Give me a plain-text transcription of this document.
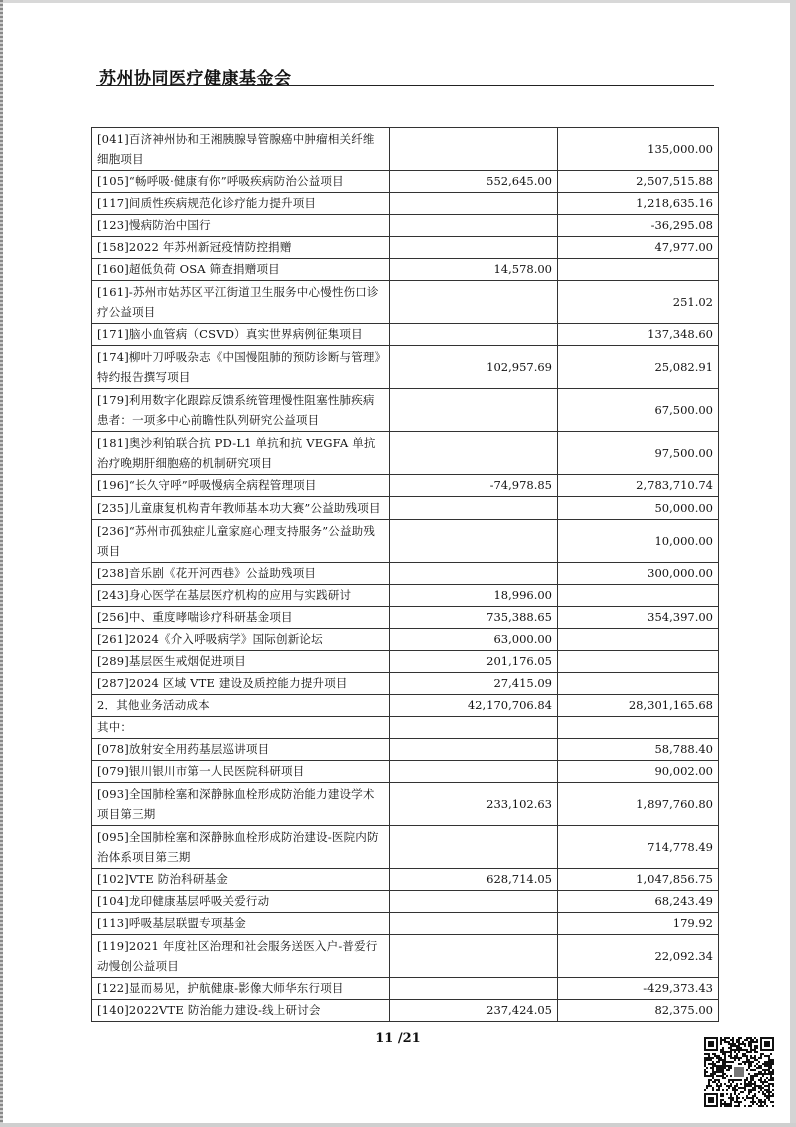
苏州协同医疗健康基金会
[041]百济神州协和王湘胰腺导管腺癌中肿瘤相关纤维细胞项目		135,000.00
[105]“畅呼吸·健康有你”呼吸疾病防治公益项目	552,645.00	2,507,515.88
[117]间质性疾病规范化诊疗能力提升项目		1,218,635.16
[123]慢病防治中国行		-36,295.08
[158]2022 年苏州新冠疫情防控捐赠		47,977.00
[160]超低负荷 OSA 筛查捐赠项目	14,578.00	
[161]-苏州市姑苏区平江街道卫生服务中心慢性伤口诊疗公益项目		251.02
[171]脑小血管病（CSVD）真实世界病例征集项目		137,348.60
[174]柳叶刀呼吸杂志《中国慢阻肺的预防诊断与管理》特约报告撰写项目	102,957.69	25,082.91
[179]利用数字化跟踪反馈系统管理慢性阻塞性肺疾病患者：一项多中心前瞻性队列研究公益项目		67,500.00
[181]奥沙利铂联合抗 PD-L1 单抗和抗 VEGFA 单抗治疗晚期肝细胞癌的机制研究项目		97,500.00
[196]“长久守呼”呼吸慢病全病程管理项目	-74,978.85	2,783,710.74
[235]儿童康复机构青年教师基本功大赛”公益助残项目		50,000.00
[236]“苏州市孤独症儿童家庭心理支持服务”公益助残项目		10,000.00
[238]音乐剧《花开河西巷》公益助残项目		300,000.00
[243]身心医学在基层医疗机构的应用与实践研讨	18,996.00	
[256]中、重度哮喘诊疗科研基金项目	735,388.65	354,397.00
[261]2024《介入呼吸病学》国际创新论坛	63,000.00	
[289]基层医生戒烟促进项目	201,176.05	
[287]2024 区域 VTE 建设及质控能力提升项目	27,415.09	
2．其他业务活动成本	42,170,706.84	28,301,165.68
其中：		
[078]放射安全用药基层巡讲项目		58,788.40
[079]银川银川市第一人民医院科研项目		90,002.00
[093]全国肺栓塞和深静脉血栓形成防治能力建设学术项目第三期	233,102.63	1,897,760.80
[095]全国肺栓塞和深静脉血栓形成防治建设-医院内防治体系项目第三期		714,778.49
[102]VTE 防治科研基金	628,714.05	1,047,856.75
[104]龙印健康基层呼吸关爱行动		68,243.49
[113]呼吸基层联盟专项基金		179.92
[119]2021 年度社区治理和社会服务送医入户-普爱行动慢创公益项目		22,092.34
[122]显而易见，护航健康-影像大师华东行项目		-429,373.43
[140]2022VTE 防治能力建设-线上研讨会	237,424.05	82,375.00
11 /21
